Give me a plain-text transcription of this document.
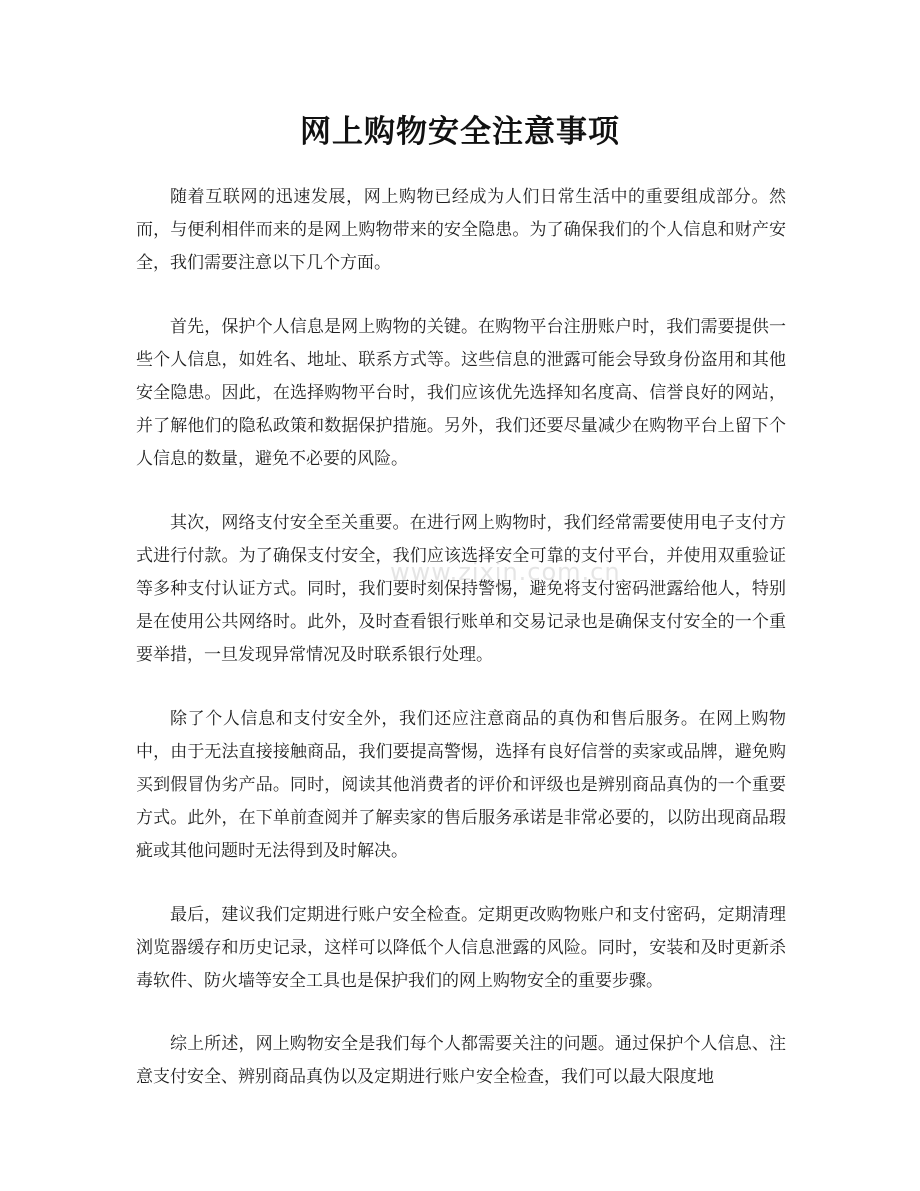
网上购物安全注意事项
www.zixin.com.cn

随着互联网的迅速发展，网上购物已经成为人们日常生活中的重要组成部分。然而，与便利相伴而来的是网上购物带来的安全隐患。为了确保我们的个人信息和财产安全，我们需要注意以下几个方面。

首先，保护个人信息是网上购物的关键。在购物平台注册账户时，我们需要提供一些个人信息，如姓名、地址、联系方式等。这些信息的泄露可能会导致身份盗用和其他安全隐患。因此，在选择购物平台时，我们应该优先选择知名度高、信誉良好的网站，并了解他们的隐私政策和数据保护措施。另外，我们还要尽量减少在购物平台上留下个人信息的数量，避免不必要的风险。

其次，网络支付安全至关重要。在进行网上购物时，我们经常需要使用电子支付方式进行付款。为了确保支付安全，我们应该选择安全可靠的支付平台，并使用双重验证等多种支付认证方式。同时，我们要时刻保持警惕，避免将支付密码泄露给他人，特别是在使用公共网络时。此外，及时查看银行账单和交易记录也是确保支付安全的一个重要举措，一旦发现异常情况及时联系银行处理。

除了个人信息和支付安全外，我们还应注意商品的真伪和售后服务。在网上购物中，由于无法直接接触商品，我们要提高警惕，选择有良好信誉的卖家或品牌，避免购买到假冒伪劣产品。同时，阅读其他消费者的评价和评级也是辨别商品真伪的一个重要方式。此外，在下单前查阅并了解卖家的售后服务承诺是非常必要的，以防出现商品瑕疵或其他问题时无法得到及时解决。

最后，建议我们定期进行账户安全检查。定期更改购物账户和支付密码，定期清理浏览器缓存和历史记录，这样可以降低个人信息泄露的风险。同时，安装和及时更新杀毒软件、防火墙等安全工具也是保护我们的网上购物安全的重要步骤。

综上所述，网上购物安全是我们每个人都需要关注的问题。通过保护个人信息、注意支付安全、辨别商品真伪以及定期进行账户安全检查，我们可以最大限度地
